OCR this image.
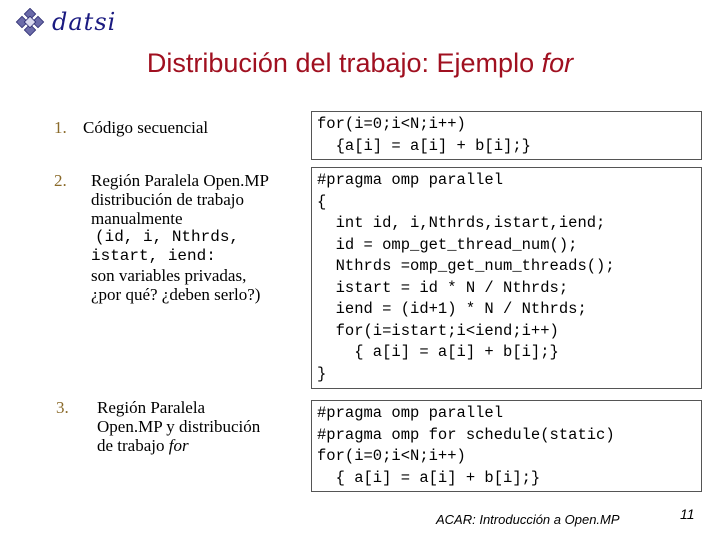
datsi
Distribución del trabajo: Ejemplo for
1. Código secuencial
2. Región Paralela Open.MP
distribución de trabajo
manualmente
(id, i, Nthrds,
istart, iend:
son variables privadas,
¿por qué? ¿deben serlo?)
3. Región Paralela
Open.MP y distribución
de trabajo for
for(i=0;i<N;i++)
{a[i] = a[i] + b[i];}
#pragma omp parallel
{
int id, i,Nthrds,istart,iend;
id = omp_get_thread_num();
Nthrds =omp_get_num_threads();
istart = id * N / Nthrds;
iend = (id+1) * N / Nthrds;
for(i=istart;i<iend;i++)
{ a[i] = a[i] + b[i];}
}
#pragma omp parallel
#pragma omp for schedule(static)
for(i=0;i<N;i++)
{ a[i] = a[i] + b[i];}
ACAR: Introducción a Open.MP	11
